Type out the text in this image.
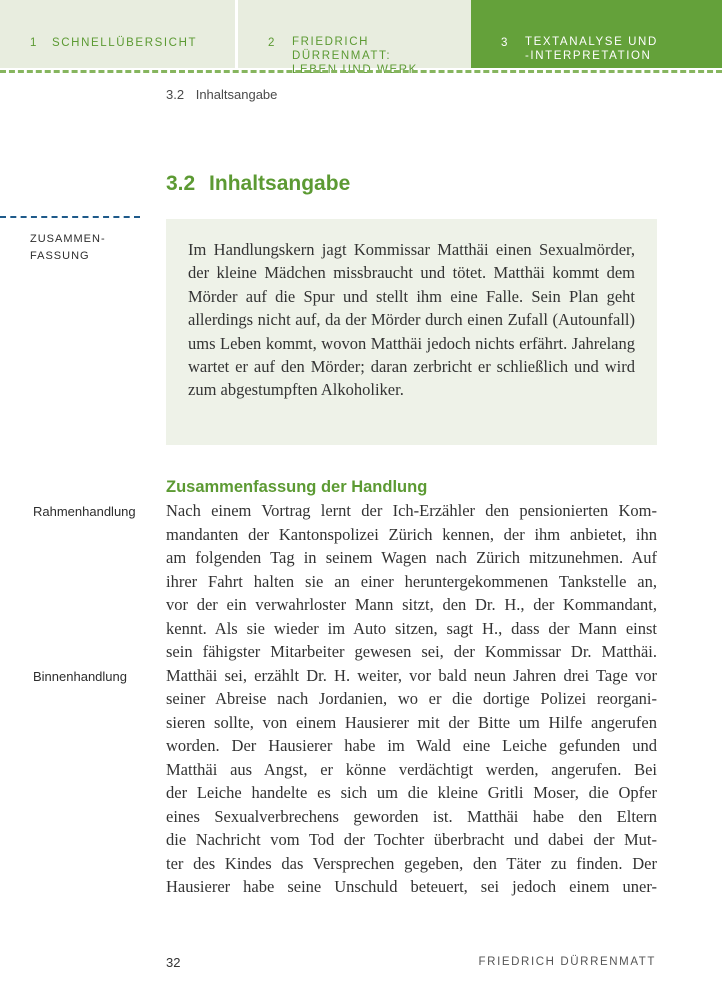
1 SCHNELLÜBERSICHT	2 FRIEDRICH DÜRRENMATT:
LEBEN UND WERK
3 TEXTANALYSE UND
-INTERPRETATION
3.2 Inhaltsangabe
3.2 Inhaltsangabe
ZUSAMMEN-
FASSUNG	Im Handlungskern jagt Kommissar Matthäi einen Sexualmörder, der kleine Mädchen missbraucht und tötet. Matthäi kommt dem Mörder auf die Spur und stellt ihm eine Falle. Sein Plan geht allerdings nicht auf, da der Mörder durch einen Zufall (Autounfall) ums Leben kommt, wovon Matthäi jedoch nichts erfährt. Jahrelang wartet er auf den Mörder; daran zerbricht er schließlich und wird zum abgestumpften Alkoholiker.

Zusammenfassung der Handlung
Rahmenhandlung
Binnenhandlung
Nach einem Vortrag lernt der Ich-Erzähler den pensionierten Kom-
mandanten der Kantonspolizei Zürich kennen, der ihm anbietet, ihn
am folgenden Tag in seinem Wagen nach Zürich mitzunehmen. Auf
ihrer Fahrt halten sie an einer heruntergekommenen Tankstelle an,
vor der ein verwahrloster Mann sitzt, den Dr. H., der Kommandant,
kennt. Als sie wieder im Auto sitzen, sagt H., dass der Mann einst
sein fähigster Mitarbeiter gewesen sei, der Kommissar Dr. Matthäi.
Matthäi sei, erzählt Dr. H. weiter, vor bald neun Jahren drei Tage vor
seiner Abreise nach Jordanien, wo er die dortige Polizei reorgani-
sieren sollte, von einem Hausierer mit der Bitte um Hilfe angerufen
worden. Der Hausierer habe im Wald eine Leiche gefunden und
Matthäi aus Angst, er könne verdächtigt werden, angerufen. Bei
der Leiche handelte es sich um die kleine Gritli Moser, die Opfer
eines Sexualverbrechens geworden ist. Matthäi habe den Eltern
die Nachricht vom Tod der Tochter überbracht und dabei der Mut-
ter des Kindes das Versprechen gegeben, den Täter zu finden. Der
Hausierer habe seine Unschuld beteuert, sei jedoch einem uner-
32	FRIEDRICH DÜRRENMATT
